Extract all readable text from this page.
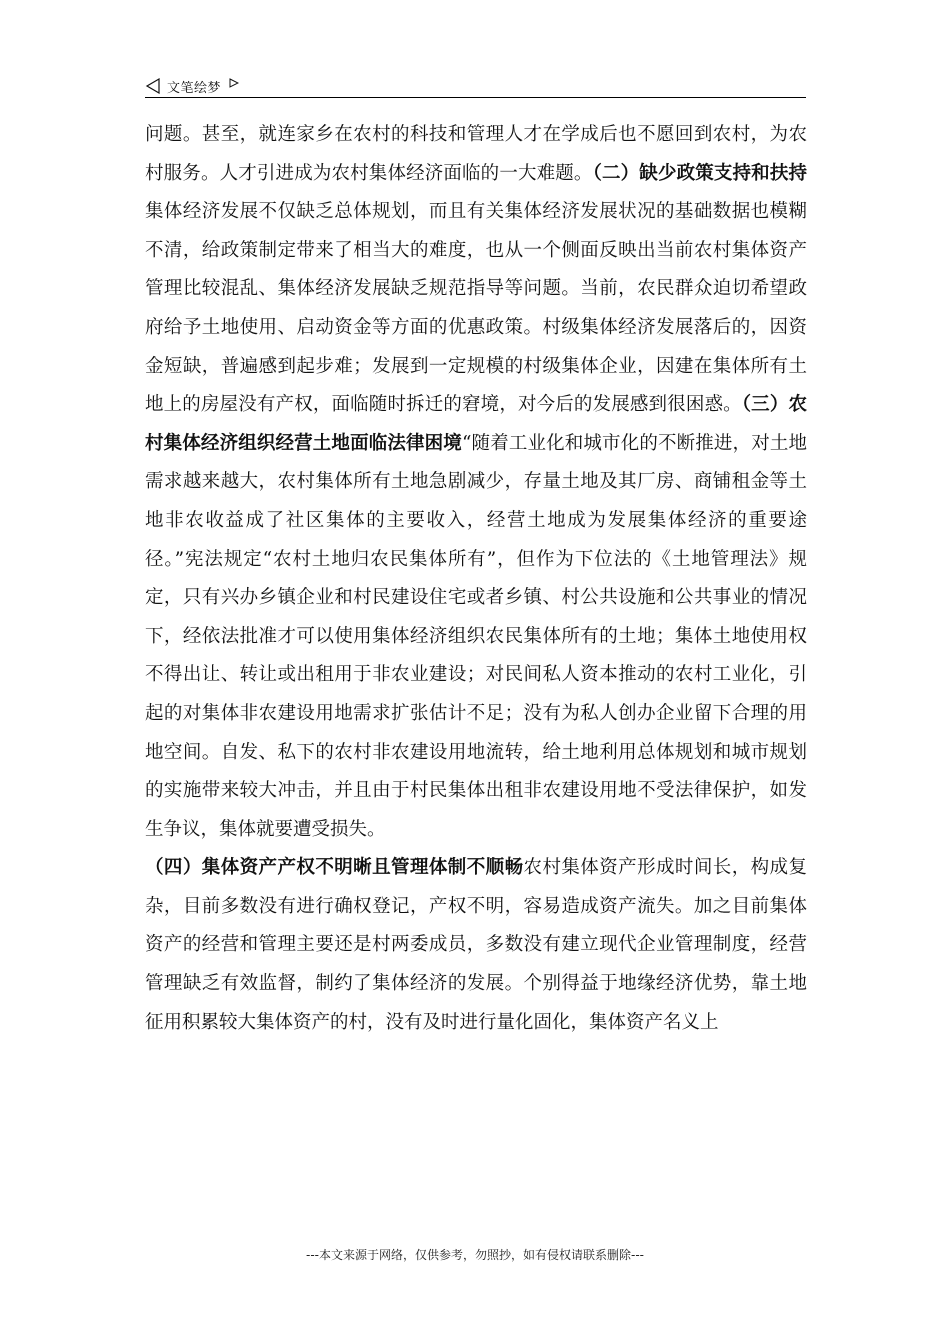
文笔绘梦

问题。甚至，就连家乡在农村的科技和管理人才在学成后也不愿回到农村，为农村服务。人才引进成为农村集体经济面临的一大难题。（二）缺少政策支持和扶持集体经济发展不仅缺乏总体规划，而且有关集体经济发展状况的基础数据也模糊不清，给政策制定带来了相当大的难度，也从一个侧面反映出当前农村集体资产管理比较混乱、集体经济发展缺乏规范指导等问题。当前，农民群众迫切希望政府给予土地使用、启动资金等方面的优惠政策。村级集体经济发展落后的，因资金短缺，普遍感到起步难；发展到一定规模的村级集体企业，因建在集体所有土地上的房屋没有产权，面临随时拆迁的窘境，对今后的发展感到很困惑。（三）农村集体经济组织经营土地面临法律困境“随着工业化和城市化的不断推进，对土地需求越来越大，农村集体所有土地急剧减少，存量土地及其厂房、商铺租金等土地非农收益成了社区集体的主要收入，经营土地成为发展集体经济的重要途径。”宪法规定“农村土地归农民集体所有”，但作为下位法的《土地管理法》规定，只有兴办乡镇企业和村民建设住宅或者乡镇、村公共设施和公共事业的情况下，经依法批准才可以使用集体经济组织农民集体所有的土地；集体土地使用权不得出让、转让或出租用于非农业建设；对民间私人资本推动的农村工业化，引起的对集体非农建设用地需求扩张估计不足；没有为私人创办企业留下合理的用地空间。自发、私下的农村非农建设用地流转，给土地利用总体规划和城市规划的实施带来较大冲击，并且由于村民集体出租非农建设用地不受法律保护，如发生争议，集体就要遭受损失。

（四）集体资产产权不明晰且管理体制不顺畅农村集体资产形成时间长，构成复杂，目前多数没有进行确权登记，产权不明，容易造成资产流失。加之目前集体资产的经营和管理主要还是村两委成员，多数没有建立现代企业管理制度，经营管理缺乏有效监督，制约了集体经济的发展。个别得益于地缘经济优势，靠土地征用积累较大集体资产的村，没有及时进行量化固化，集体资产名义上

---本文来源于网络，仅供参考，勿照抄，如有侵权请联系删除---
